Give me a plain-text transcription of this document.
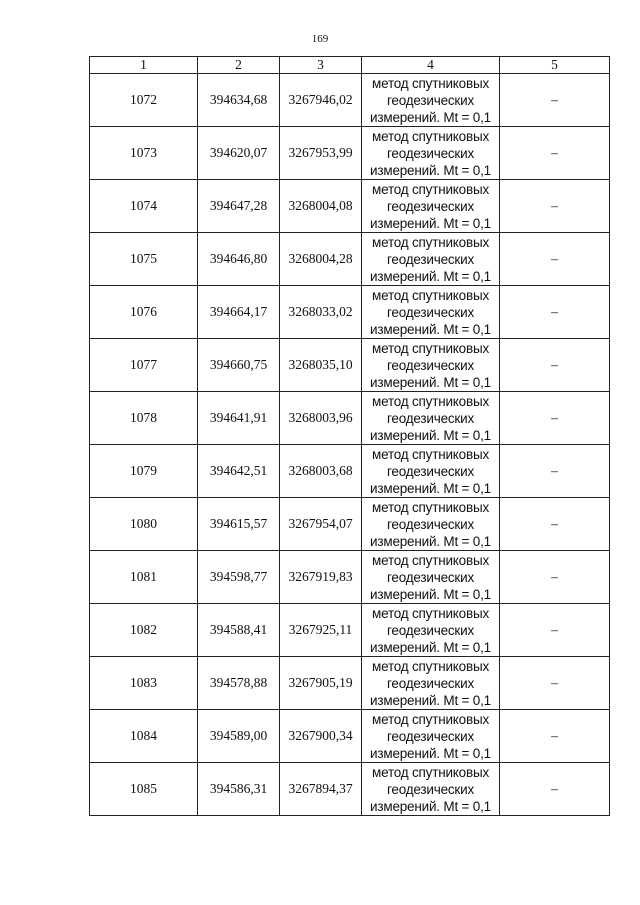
169
1	2	3	4	5
1072	394634,68	3267946,02	метод спутниковых
геодезических
измерений. Mt = 0,1	–
1073	394620,07	3267953,99	метод спутниковых
геодезических
измерений. Mt = 0,1	–
1074	394647,28	3268004,08	метод спутниковых
геодезических
измерений. Mt = 0,1	–
1075	394646,80	3268004,28	метод спутниковых
геодезических
измерений. Mt = 0,1	–
1076	394664,17	3268033,02	метод спутниковых
геодезических
измерений. Mt = 0,1	–
1077	394660,75	3268035,10	метод спутниковых
геодезических
измерений. Mt = 0,1	–
1078	394641,91	3268003,96	метод спутниковых
геодезических
измерений. Mt = 0,1	–
1079	394642,51	3268003,68	метод спутниковых
геодезических
измерений. Mt = 0,1	–
1080	394615,57	3267954,07	метод спутниковых
геодезических
измерений. Mt = 0,1	–
1081	394598,77	3267919,83	метод спутниковых
геодезических
измерений. Mt = 0,1	–
1082	394588,41	3267925,11	метод спутниковых
геодезических
измерений. Mt = 0,1	–
1083	394578,88	3267905,19	метод спутниковых
геодезических
измерений. Mt = 0,1	–
1084	394589,00	3267900,34	метод спутниковых
геодезических
измерений. Mt = 0,1	–
1085	394586,31	3267894,37	метод спутниковых
геодезических
измерений. Mt = 0,1	–
